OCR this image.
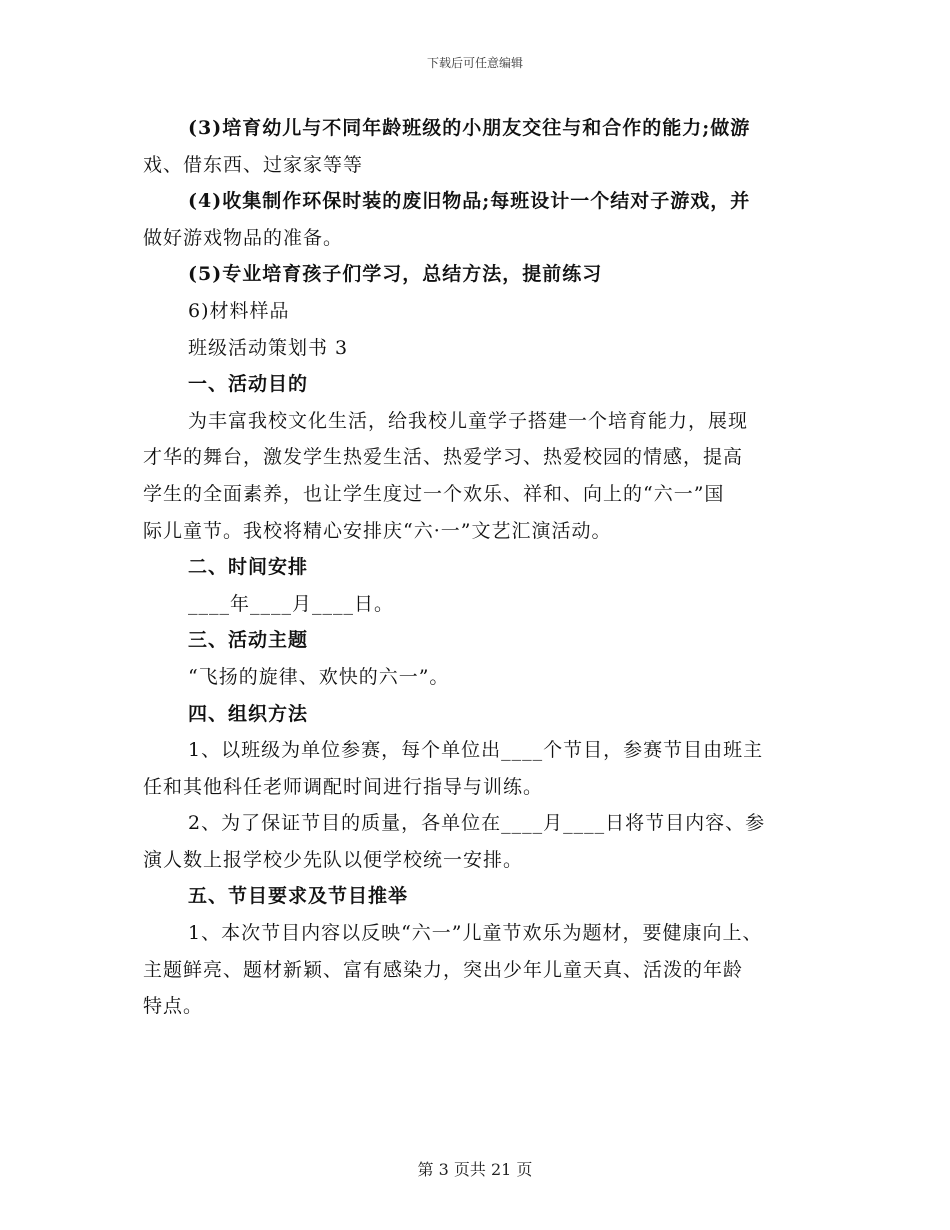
下载后可任意编辑
(3)培育幼儿与不同年龄班级的小朋友交往与和合作的能力;做游
戏、借东西、过家家等等
(4)收集制作环保时装的废旧物品;每班设计一个结对子游戏，并
做好游戏物品的准备。
(5)专业培育孩子们学习，总结方法，提前练习
6)材料样品
班级活动策划书 3
一、活动目的
为丰富我校文化生活，给我校儿童学子搭建一个培育能力，展现
才华的舞台，激发学生热爱生活、热爱学习、热爱校园的情感，提高
学生的全面素养，也让学生度过一个欢乐、祥和、向上的“六一”国
际儿童节。我校将精心安排庆“六·一”文艺汇演活动。
二、时间安排
____年____月____日。
三、活动主题
“飞扬的旋律、欢快的六一”。
四、组织方法
1、以班级为单位参赛，每个单位出____个节目，参赛节目由班主
任和其他科任老师调配时间进行指导与训练。
2、为了保证节目的质量，各单位在____月____日将节目内容、参
演人数上报学校少先队以便学校统一安排。
五、节目要求及节目推举
1、本次节目内容以反映“六一”儿童节欢乐为题材，要健康向上、
主题鲜亮、题材新颖、富有感染力，突出少年儿童天真、活泼的年龄
特点。
第 3 页共 21 页
